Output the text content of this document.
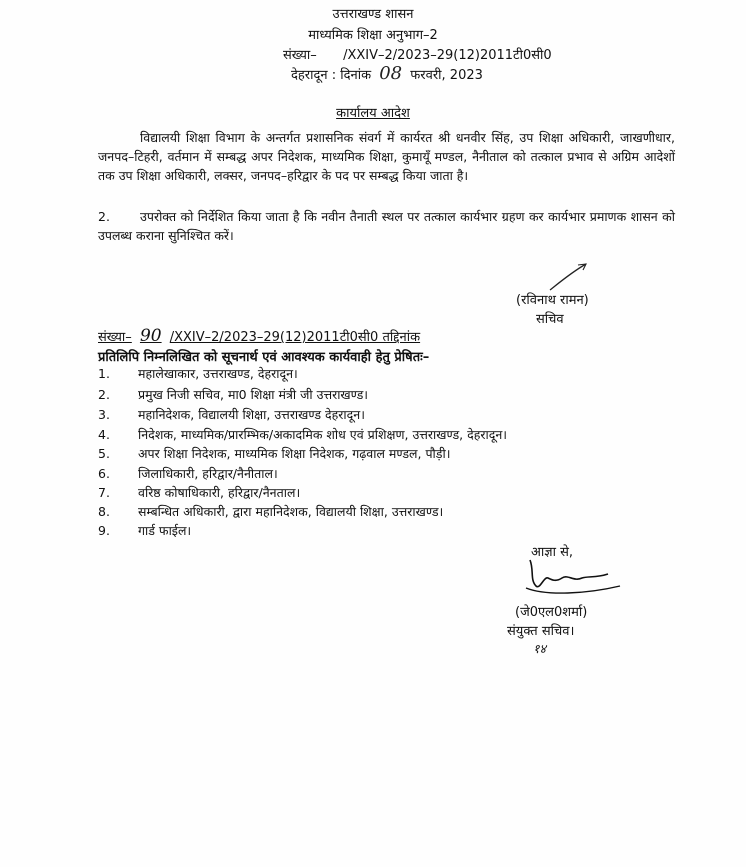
उत्तराखण्ड शासन
माध्यमिक शिक्षा अनुभाग–2
संख्या– /XXIV–2/2023–29(12)2011टी0सी0
देहरादून : दिनांक 08 फरवरी, 2023
कार्यालय आदेश
विद्यालयी शिक्षा विभाग के अन्तर्गत प्रशासनिक संवर्ग में कार्यरत श्री धनवीर सिंह, उप शिक्षा अधिकारी, जाखणीधार, जनपद–टिहरी, वर्तमान में सम्बद्ध अपर निदेशक, माध्यमिक शिक्षा, कुमायूँ मण्डल, नैनीताल को तत्काल प्रभाव से अग्रिम आदेशों तक उप शिक्षा अधिकारी, लक्सर, जनपद–हरिद्वार के पद पर सम्बद्ध किया जाता है।
2. उपरोक्त को निर्देशित किया जाता है कि नवीन तैनाती स्थल पर तत्काल कार्यभार ग्रहण कर कार्यभार प्रमाणक शासन को उपलब्ध कराना सुनिश्चित करें।
(रविनाथ रामन)
सचिव
संख्या– 90 /XXIV–2/2023–29(12)2011टी0सी0 तद्दिनांक
प्रतिलिपि निम्नलिखित को सूचनार्थ एवं आवश्यक कार्यवाही हेतु प्रेषितः–
1. महालेखाकार, उत्तराखण्ड, देहरादून।
2. प्रमुख निजी सचिव, मा0 शिक्षा मंत्री जी उत्तराखण्ड।
3. महानिदेशक, विद्यालयी शिक्षा, उत्तराखण्ड देहरादून।
4. निदेशक, माध्यमिक/प्रारम्भिक/अकादमिक शोध एवं प्रशिक्षण, उत्तराखण्ड, देहरादून।
5. अपर शिक्षा निदेशक, माध्यमिक शिक्षा निदेशक, गढ़वाल मण्डल, पौड़ी।
6. जिलाधिकारी, हरिद्वार/नैनीताल।
7. वरिष्ठ कोषाधिकारी, हरिद्वार/नैनताल।
8. सम्बन्धित अधिकारी, द्वारा महानिदेशक, विद्यालयी शिक्षा, उत्तराखण्ड।
9. गार्ड फाईल।
आज्ञा से,
(जे0एल0शर्मा)
संयुक्त सचिव।
१४
